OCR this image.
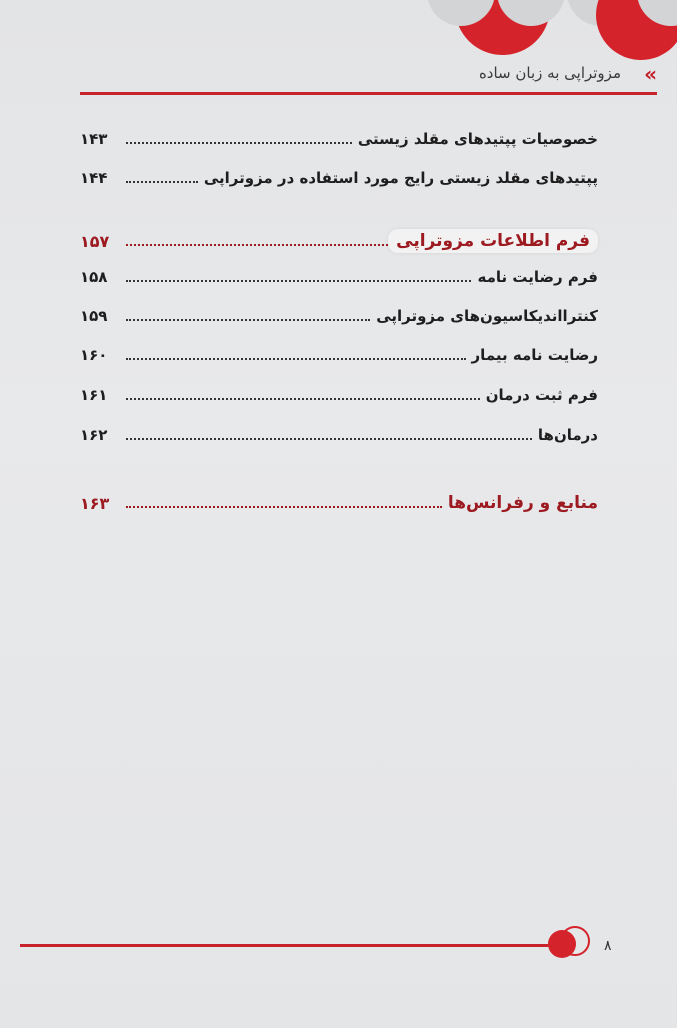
»
مزوتراپی به زبان ساده
خصوصیات پپتیدهای مقلد زیستی
۱۴۳
پپتیدهای مقلد زیستی رایج مورد استفاده در مزوتراپی
۱۴۴
فرم اطلاعات مزوتراپی
۱۵۷
فرم رضایت نامه
۱۵۸
کنترااندیکاسیون‌های مزوتراپی
۱۵۹
رضایت نامه بیمار
۱۶۰
فرم ثبت درمان
۱۶۱
درمان‌ها
۱۶۲
منابع و رفرانس‌ها
۱۶۳
۸
